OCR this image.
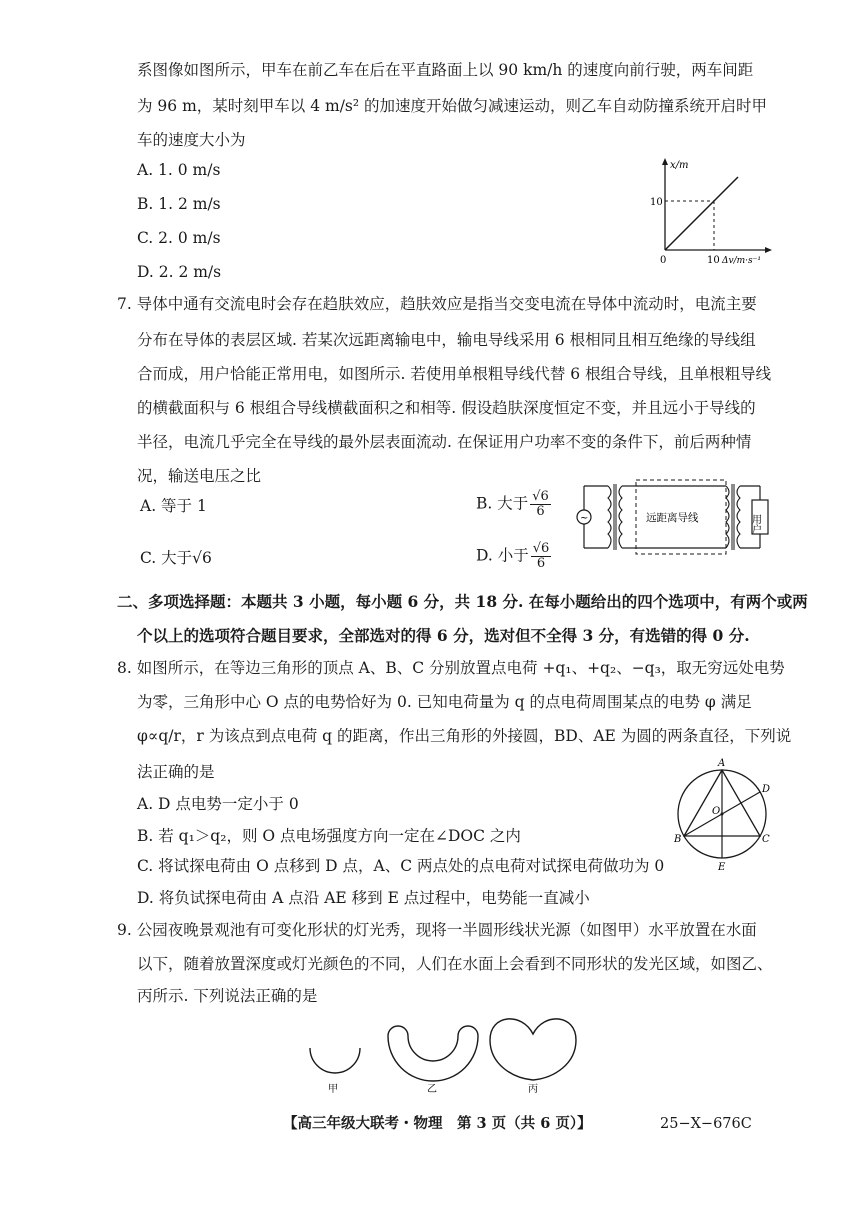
系图像如图所示，甲车在前乙车在后在平直路面上以 90 km/h 的速度向前行驶，两车间距
为 96 m，某时刻甲车以 4 m/s² 的加速度开始做匀减速运动，则乙车自动防撞系统开启时甲
车的速度大小为
A. 1. 0 m/s
B. 1. 2 m/s
C. 2. 0 m/s
D. 2. 2 m/s
x/m
10
0	10 Δv/m·s⁻¹
7. 导体中通有交流电时会存在趋肤效应，趋肤效应是指当交变电流在导体中流动时，电流主要
分布在导体的表层区域. 若某次远距离输电中，输电导线采用 6 根相同且相互绝缘的导线组
合而成，用户恰能正常用电，如图所示. 若使用单根粗导线代替 6 根组合导线，且单根粗导线
的横截面积与 6 根组合导线横截面积之和相等. 假设趋肤深度恒定不变，并且远小于导线的
半径，电流几乎完全在导线的最外层表面流动. 在保证用户功率不变的条件下，前后两种情
况，输送电压之比
A. 等于 1	B. 大于 $\frac{√6}{6}$
C. 大于√6	D. 小于 $\frac{√6}{6}$
~	远距离导线	用户
二、多项选择题：本题共 3 小题，每小题 6 分，共 18 分. 在每小题给出的四个选项中，有两个或两
个以上的选项符合题目要求，全部选对的得 6 分，选对但不全得 3 分，有选错的得 0 分.
8. 如图所示，在等边三角形的顶点 A、B、C 分别放置点电荷 +q₁、+q₂、−q₃，取无穷远处电势
为零，三角形中心 O 点的电势恰好为 0. 已知电荷量为 q 的点电荷周围某点的电势 φ 满足
φ∝q/r，r 为该点到点电荷 q 的距离，作出三角形的外接圆，BD、AE 为圆的两条直径，下列说
法正确的是
A. D 点电势一定小于 0
B. 若 q₁＞q₂，则 O 点电场强度方向一定在∠DOC 之内
C. 将试探电荷由 O 点移到 D 点，A、C 两点处的点电荷对试探电荷做功为 0
D. 将负试探电荷由 A 点沿 AE 移到 E 点过程中，电势能一直减小
A
B	C
D
E
O
9. 公园夜晚景观池有可变化形状的灯光秀，现将一半圆形线状光源（如图甲）水平放置在水面
以下，随着放置深度或灯光颜色的不同，人们在水面上会看到不同形状的发光区域，如图乙、
丙所示. 下列说法正确的是
甲	乙	丙
【高三年级大联考・物理　第 3 页（共 6 页）】	25−X−676C
